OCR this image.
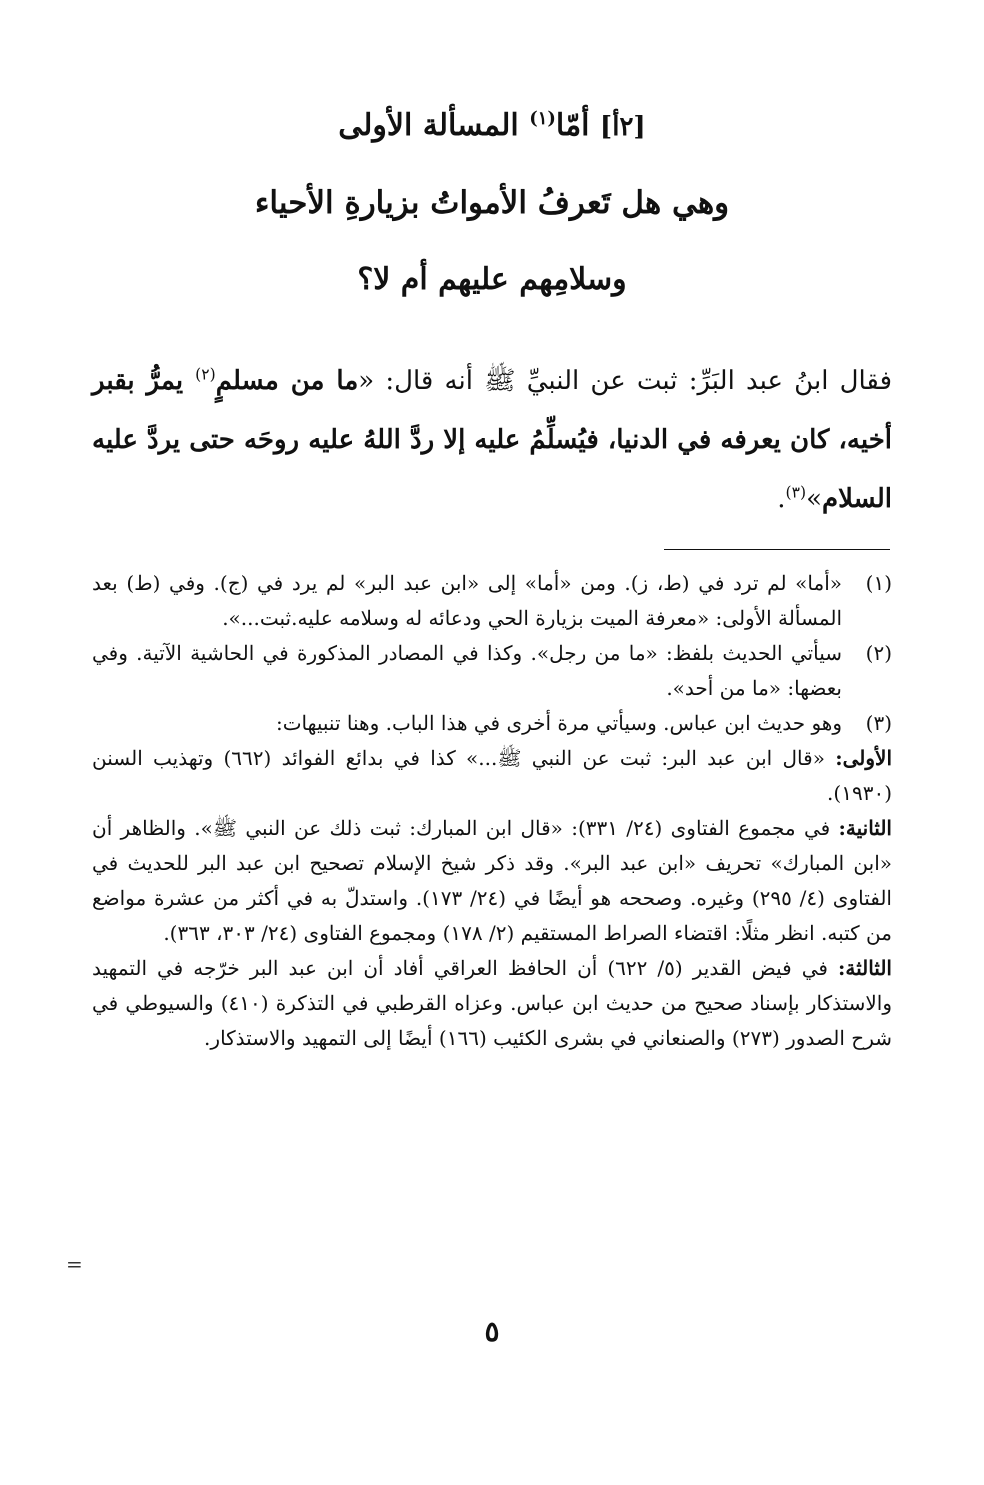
[٢أ] أمّا$^{(١)}$ المسألة الأولى
وهي هل تَعرفُ الأمواتُ بزيارةِ الأحياء
وسلامِهم عليهم أم لا؟
فقال ابنُ عبد البَرِّ: ثبت عن النبيِّ ﷺ أنه قال: «ما من مسلمٍ$^{(٢)}$ يمرُّ بقبر أخيه، كان يعرفه في الدنيا، فيُسلِّمُ عليه إلا ردَّ اللهُ عليه روحَه حتى يردَّ عليه السلام»$^{(٣)}$.

(١)
«أما» لم ترد في (ط، ز). ومن «أما» إلى «ابن عبد البر» لم يرد في (ج). وفي (ط) بعد المسألة الأولى: «معرفة الميت بزيارة الحي ودعائه له وسلامه عليه.ثبت...».

(٢)
سيأتي الحديث بلفظ: «ما من رجل». وكذا في المصادر المذكورة في الحاشية الآتية. وفي بعضها: «ما من أحد».

(٣)
وهو حديث ابن عباس. وسيأتي مرة أخرى في هذا الباب. وهنا تنبيهات:

الأولى: «قال ابن عبد البر: ثبت عن النبي ﷺ...» كذا في بدائع الفوائد (٦٦٢) وتهذيب السنن (١٩٣٠).

الثانية: في مجموع الفتاوى (٢٤/ ٣٣١): «قال ابن المبارك: ثبت ذلك عن النبي ﷺ». والظاهر أن «ابن المبارك» تحريف «ابن عبد البر». وقد ذكر شيخ الإسلام تصحيح ابن عبد البر للحديث في الفتاوى (٤/ ٢٩٥) وغيره. وصححه هو أيضًا في (٢٤/ ١٧٣). واستدلّ به في أكثر من عشرة مواضع من كتبه. انظر مثلًا: اقتضاء الصراط المستقيم (٢/ ١٧٨) ومجموع الفتاوى (٢٤/ ٣٠٣، ٣٦٣).

الثالثة: في فيض القدير (٥/ ٦٢٢) أن الحافظ العراقي أفاد أن ابن عبد البر خرّجه في التمهيد والاستذكار بإسناد صحيح من حديث ابن عباس. وعزاه القرطبي في التذكرة (٤١٠) والسيوطي في شرح الصدور (٢٧٣) والصنعاني في بشرى الكئيب (١٦٦) أيضًا إلى التمهيد والاستذكار.

=
٥
